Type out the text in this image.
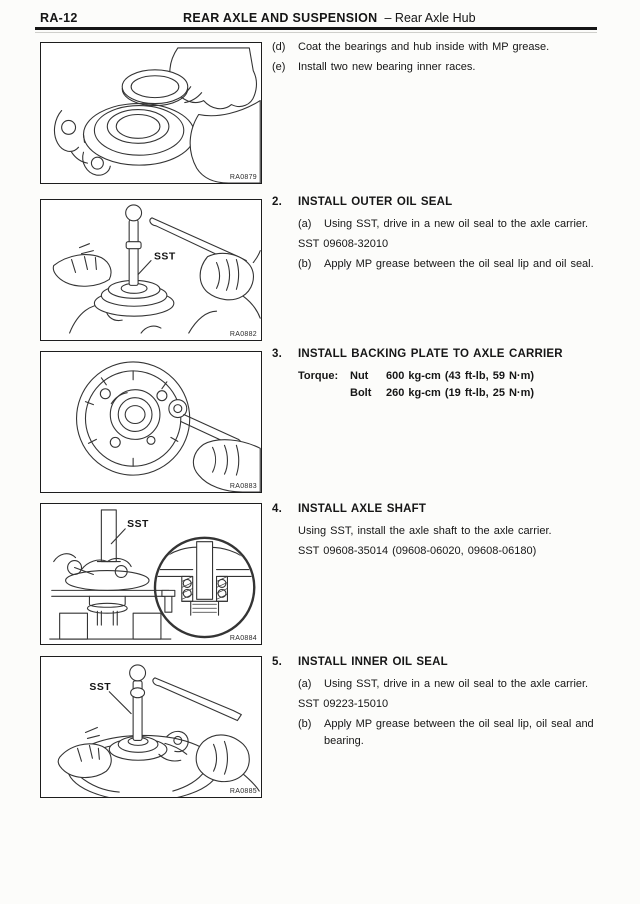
RA-12	REAR AXLE AND SUSPENSION – Rear Axle Hub
RA0879
SST
RA0882
RA0883
SST
RA0884
SST
RA0885
(d)	Coat the bearings and hub inside with MP grease.
(e)	Install two new bearing inner races.
2.	INSTALL OUTER OIL SEAL
(a)	Using SST, drive in a new oil seal to the axle carrier.
SST 09608-32010
(b)	Apply MP grease between the oil seal lip and oil seal.
3.	INSTALL BACKING PLATE TO AXLE CARRIER
Torque:	Nut	600 kg-cm (43 ft-lb, 59 N·m)
Bolt	260 kg-cm (19 ft-lb, 25 N·m)
4.	INSTALL AXLE SHAFT
Using SST, install the axle shaft to the axle carrier.
SST 09608-35014 (09608-06020, 09608-06180)
5.	INSTALL INNER OIL SEAL
(a)	Using SST, drive in a new oil seal to the axle carrier.
SST 09223-15010
(b)	Apply MP grease between the oil seal lip, oil seal and
bearing.
